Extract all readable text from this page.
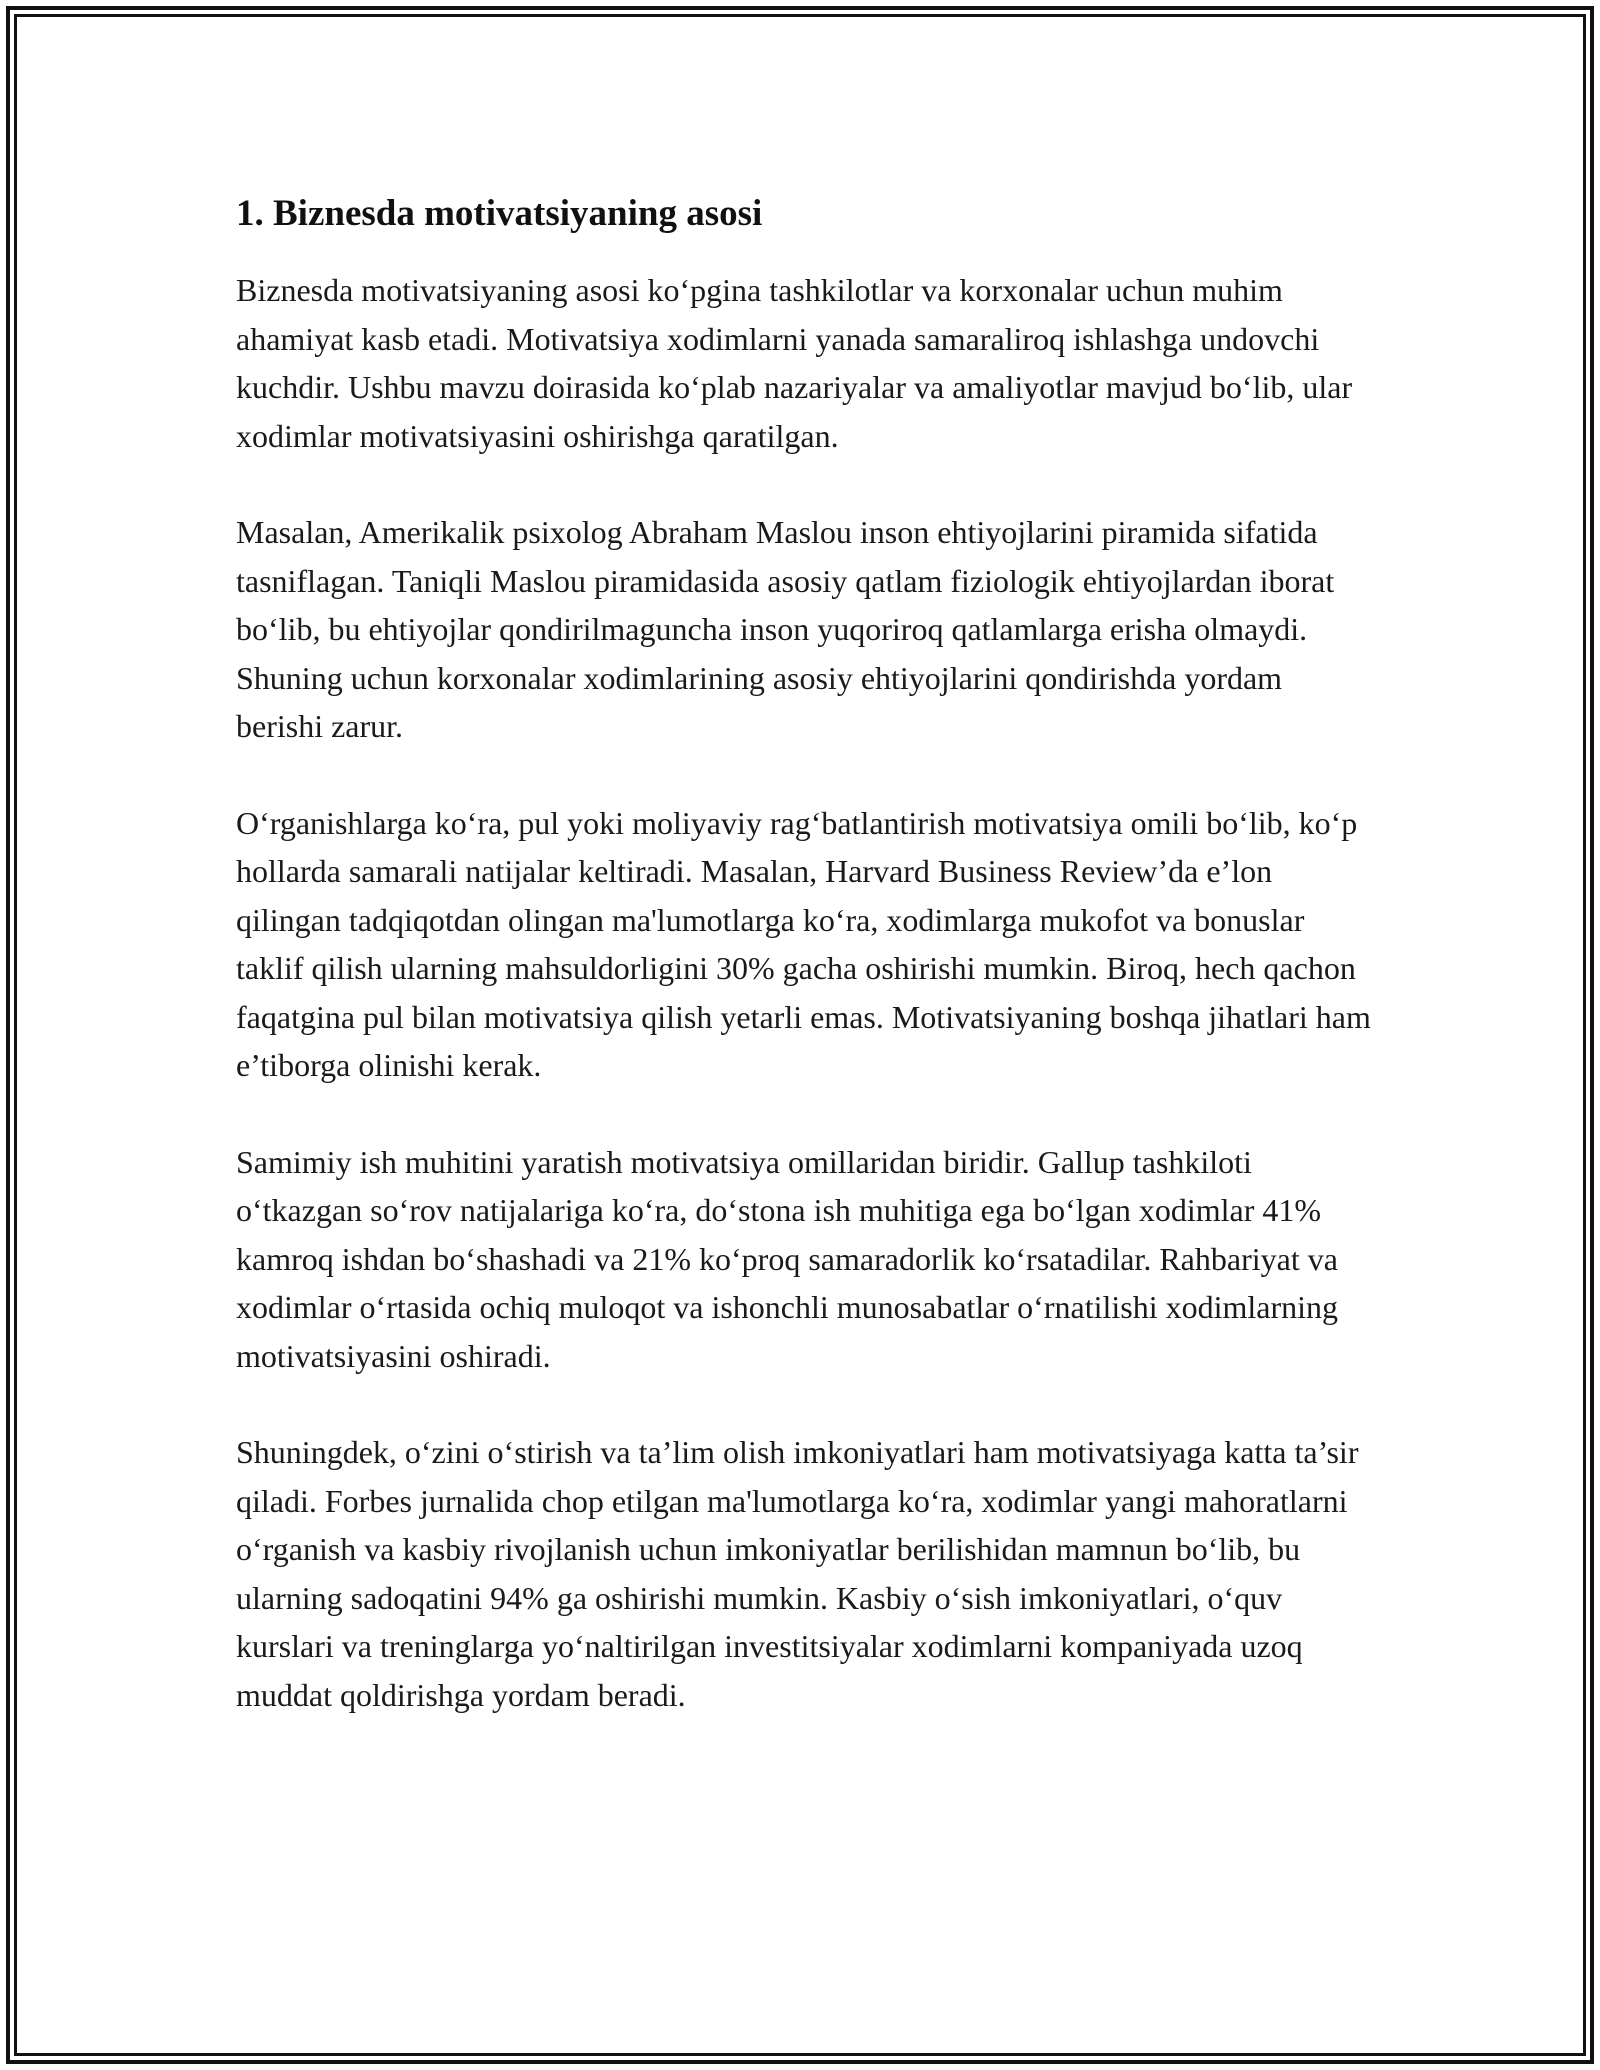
1. Biznesda motivatsiyaning asosi

Biznesda motivatsiyaning asosi ko‘pgina tashkilotlar va korxonalar uchun muhim ahamiyat kasb etadi. Motivatsiya xodimlarni yanada samaraliroq ishlashga undovchi kuchdir. Ushbu mavzu doirasida ko‘plab nazariyalar va amaliyotlar mavjud bo‘lib, ular xodimlar motivatsiyasini oshirishga qaratilgan.

Masalan, Amerikalik psixolog Abraham Maslou inson ehtiyojlarini piramida sifatida tasniflagan. Taniqli Maslou piramidasida asosiy qatlam fiziologik ehtiyojlardan iborat bo‘lib, bu ehtiyojlar qondirilmaguncha inson yuqoriroq qatlamlarga erisha olmaydi. Shuning uchun korxonalar xodimlarining asosiy ehtiyojlarini qondirishda yordam berishi zarur.

O‘rganishlarga ko‘ra, pul yoki moliyaviy rag‘batlantirish motivatsiya omili bo‘lib, ko‘p hollarda samarali natijalar keltiradi. Masalan, Harvard Business Review’da e’lon qilingan tadqiqotdan olingan ma'lumotlarga ko‘ra, xodimlarga mukofot va bonuslar taklif qilish ularning mahsuldorligini 30% gacha oshirishi mumkin. Biroq, hech qachon faqatgina pul bilan motivatsiya qilish yetarli emas. Motivatsiyaning boshqa jihatlari ham e’tiborga olinishi kerak.

Samimiy ish muhitini yaratish motivatsiya omillaridan biridir. Gallup tashkiloti o‘tkazgan so‘rov natijalariga ko‘ra, do‘stona ish muhitiga ega bo‘lgan xodimlar 41% kamroq ishdan bo‘shashadi va 21% ko‘proq samaradorlik ko‘rsatadilar. Rahbariyat va xodimlar o‘rtasida ochiq muloqot va ishonchli munosabatlar o‘rnatilishi xodimlarning motivatsiyasini oshiradi.

Shuningdek, o‘zini o‘stirish va ta’lim olish imkoniyatlari ham motivatsiyaga katta ta’sir qiladi. Forbes jurnalida chop etilgan ma'lumotlarga ko‘ra, xodimlar yangi mahoratlarni o‘rganish va kasbiy rivojlanish uchun imkoniyatlar berilishidan mamnun bo‘lib, bu ularning sadoqatini 94% ga oshirishi mumkin. Kasbiy o‘sish imkoniyatlari, o‘quv kurslari va treninglarga yo‘naltirilgan investitsiyalar xodimlarni kompaniyada uzoq muddat qoldirishga yordam beradi.
